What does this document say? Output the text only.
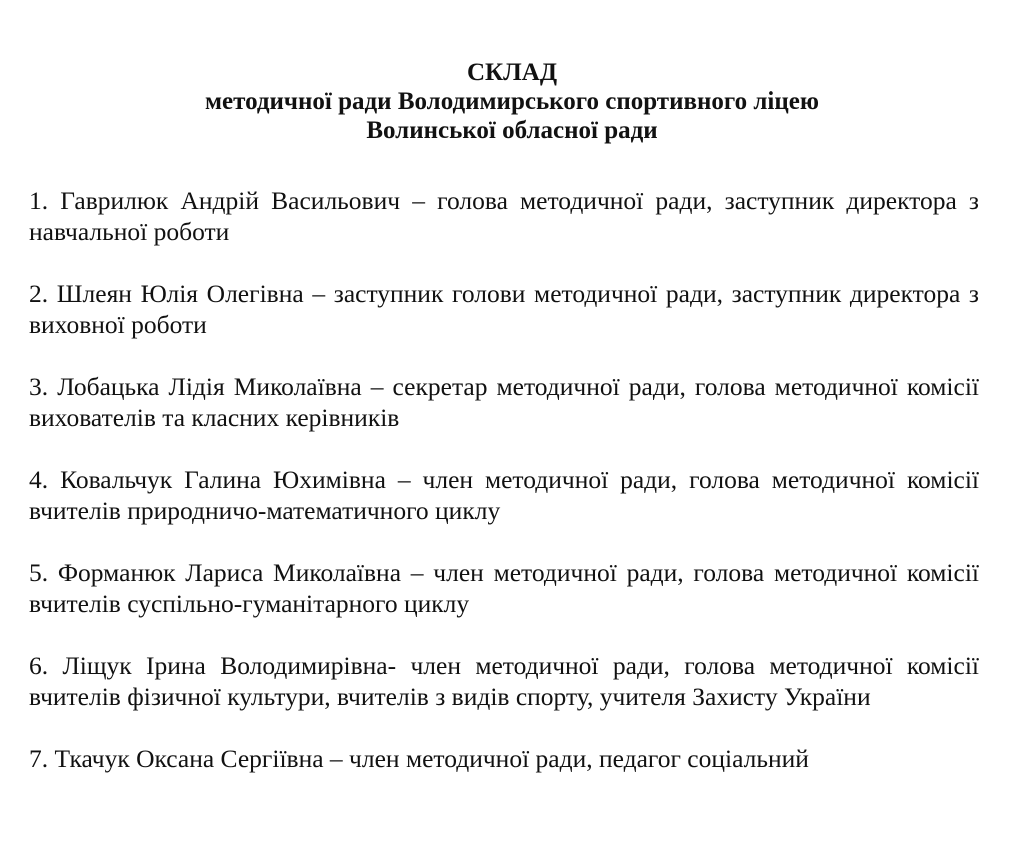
СКЛАД
методичної ради Володимирського спортивного ліцею
Волинської обласної ради
1. Гаврилюк Андрій Васильович – голова методичної ради, заступник директора з навчальної роботи
2. Шлеян Юлія Олегівна – заступник голови методичної ради, заступник директора з виховної роботи
3. Лобацька Лідія Миколаївна – секретар методичної ради, голова методичної комісії вихователів та класних керівників
4. Ковальчук Галина Юхимівна – член методичної ради, голова методичної комісії вчителів природничо-математичного циклу
5. Форманюк Лариса Миколаївна – член методичної ради, голова методичної комісії вчителів суспільно-гуманітарного циклу
6. Ліщук Ірина Володимирівна- член методичної ради, голова методичної комісії вчителів фізичної культури, вчителів з видів спорту, учителя Захисту України
7. Ткачук Оксана Сергіївна – член методичної ради, педагог соціальний
